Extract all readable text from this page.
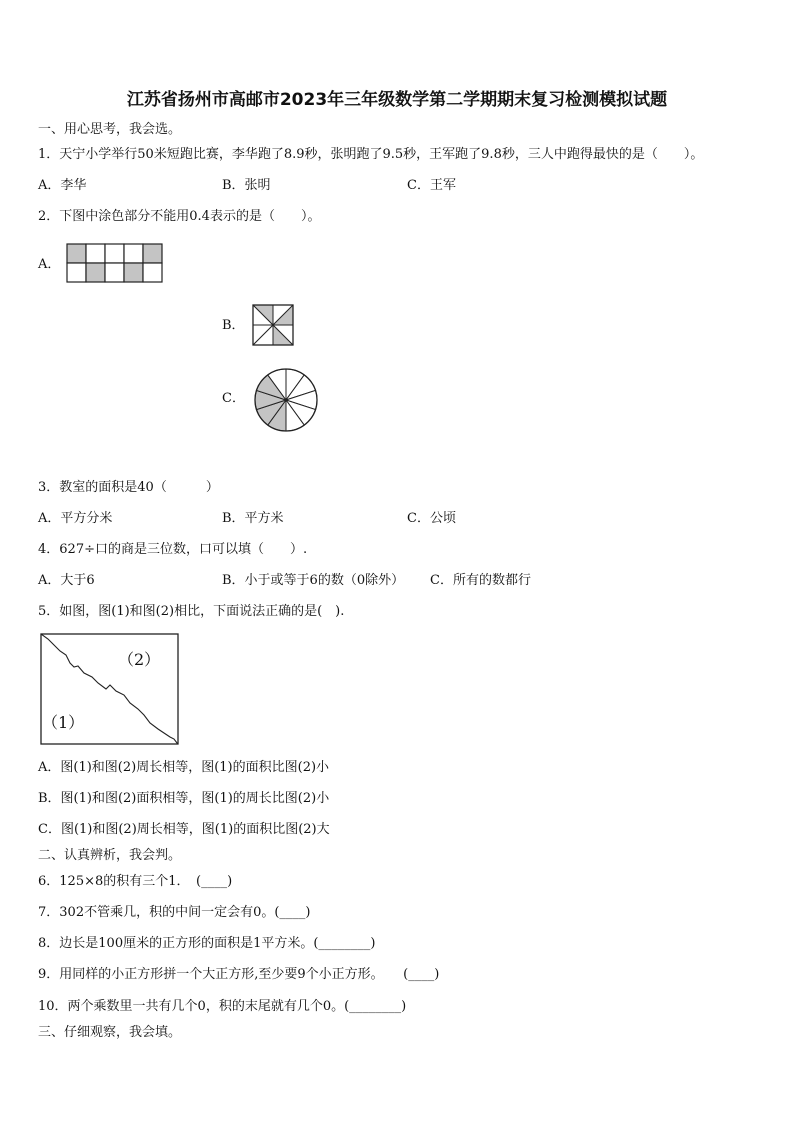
江苏省扬州市高邮市2023年三年级数学第二学期期末复习检测模拟试题
一、用心思考，我会选。
1．天宁小学举行50米短跑比赛，李华跑了8.9秒，张明跑了9.5秒，王军跑了9.8秒，三人中跑得最快的是（　　）。
A．李华	B．张明	C．王军
2．下图中涂色部分不能用0.4表示的是（　　）。
A．
B．
C．
3．教室的面积是40（　　　）
A．平方分米	B．平方米	C．公顷
4．627÷口的商是三位数，口可以填（　　）.
A．大于6	B．小于或等于6的数（0除外） C．所有的数都行
5．如图，图(1)和图(2)相比，下面说法正确的是(　).
（2）
（1）
A．图(1)和图(2)周长相等，图(1)的面积比图(2)小
B．图(1)和图(2)面积相等，图(1)的周长比图(2)小
C．图(1)和图(2)周长相等，图(1)的面积比图(2)大
二、认真辨析，我会判。
6．125×8的积有三个1．　(____)
7．302不管乘几，积的中间一定会有0。(____)
8．边长是100厘米的正方形的面积是1平方米。(________)
9．用同样的小正方形拼一个大正方形,至少要9个小正方形。　　(____)
10．两个乘数里一共有几个0，积的末尾就有几个0。(________)
三、仔细观察，我会填。
